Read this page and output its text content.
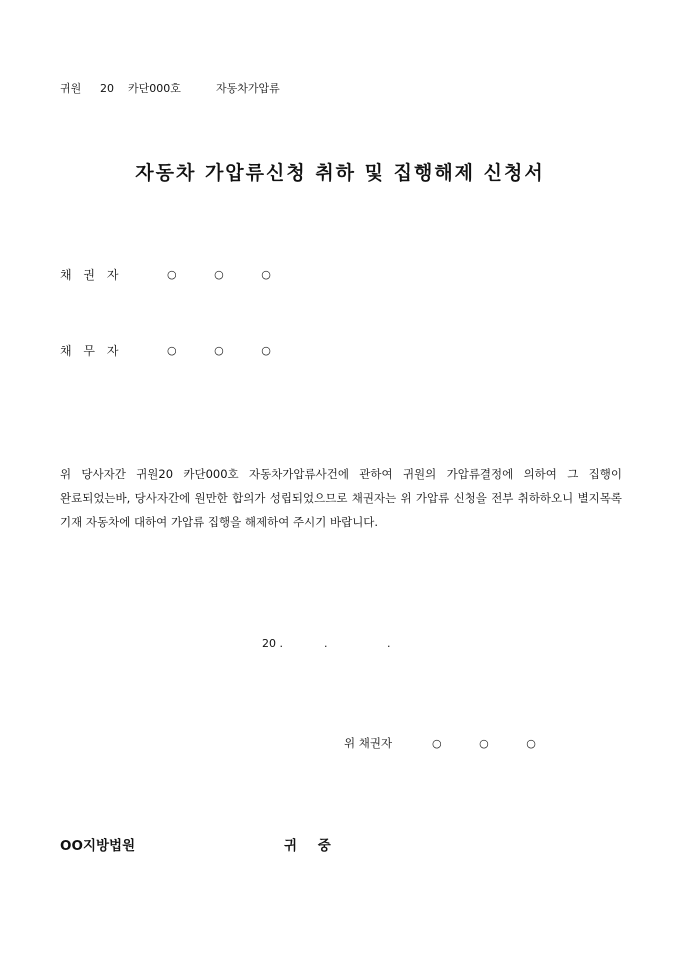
귀원 20 카단000호	자동차가압류
자동차 가압류신청 취하 및 집행해제 신청서
채 권 자	○ ○ ○
채 무 자	○ ○ ○
위 당사자간 귀원20 카단000호 자동차가압류사건에 관하여 귀원의 가압류결정에 의하여 그 집행이 완료되었는바, 당사자간에 원만한 합의가 성립되었으므로 채권자는 위 가압류 신청을 전부 취하하오니 별지목록 기재 자동차에 대하여 가압류 집행을 해제하여 주시기 바랍니다.
20 .	.	.
위 채권자	○ ○ ○
OO지방법원	귀 중
